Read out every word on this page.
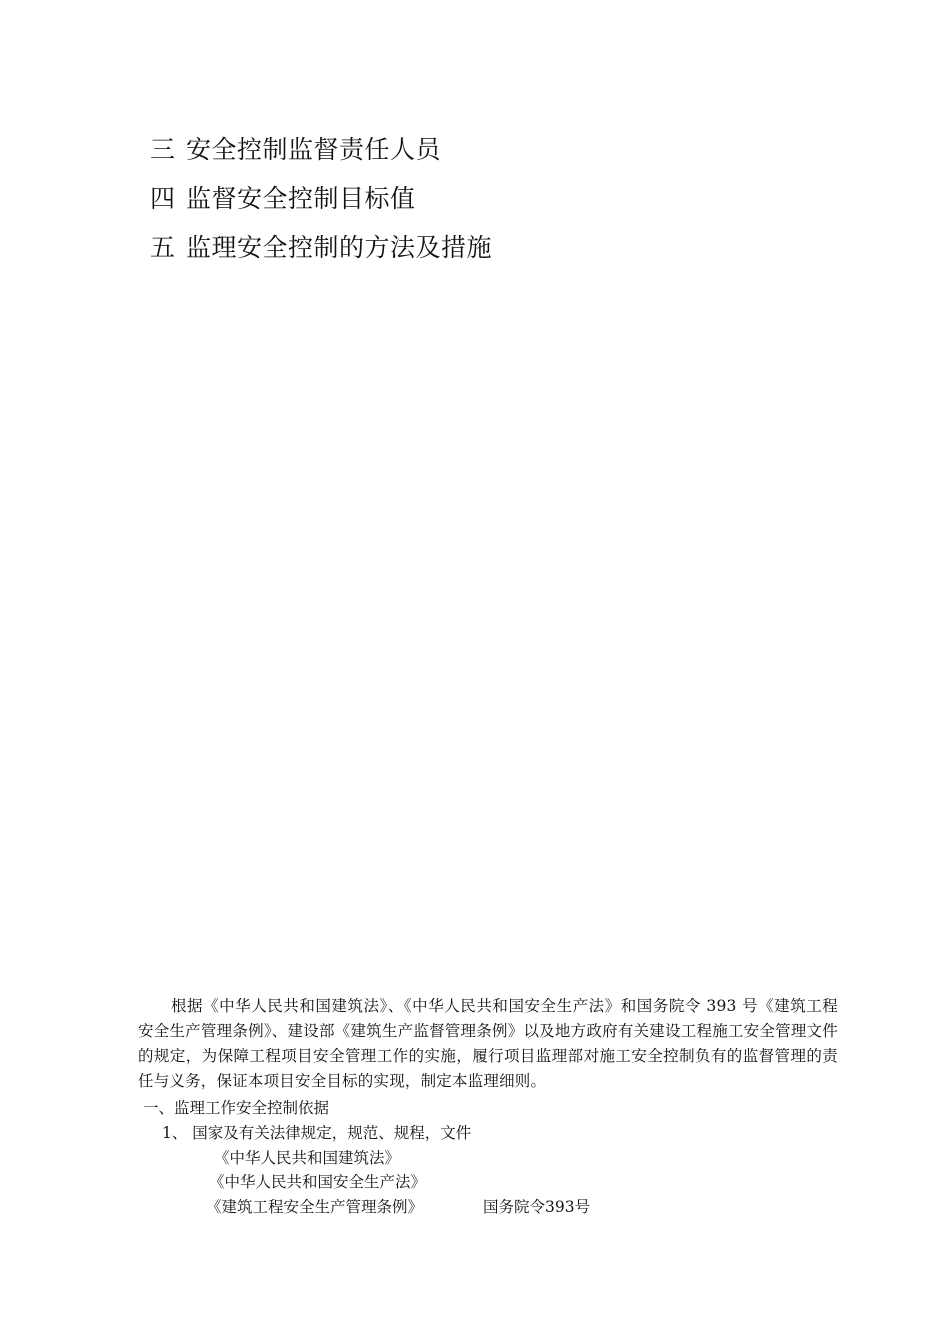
三 安全控制监督责任人员
四 监督安全控制目标值
五 监理安全控制的方法及措施

根据《中华人民共和国建筑法》、《中华人民共和国安全生产法》和国务院令 393 号《建筑工程安全生产管理条例》、建设部《建筑生产监督管理条例》以及地方政府有关建设工程施工安全管理文件的规定，为保障工程项目安全管理工作的实施，履行项目监理部对施工安全控制负有的监督管理的责任与义务，保证本项目安全目标的实现，制定本监理细则。

一、监理工作安全控制依据
1、 国家及有关法律规定，规范、规程，文件
《中华人民共和国建筑法》
《中华人民共和国安全生产法》
《建筑工程安全生产管理条例》	国务院令393号
